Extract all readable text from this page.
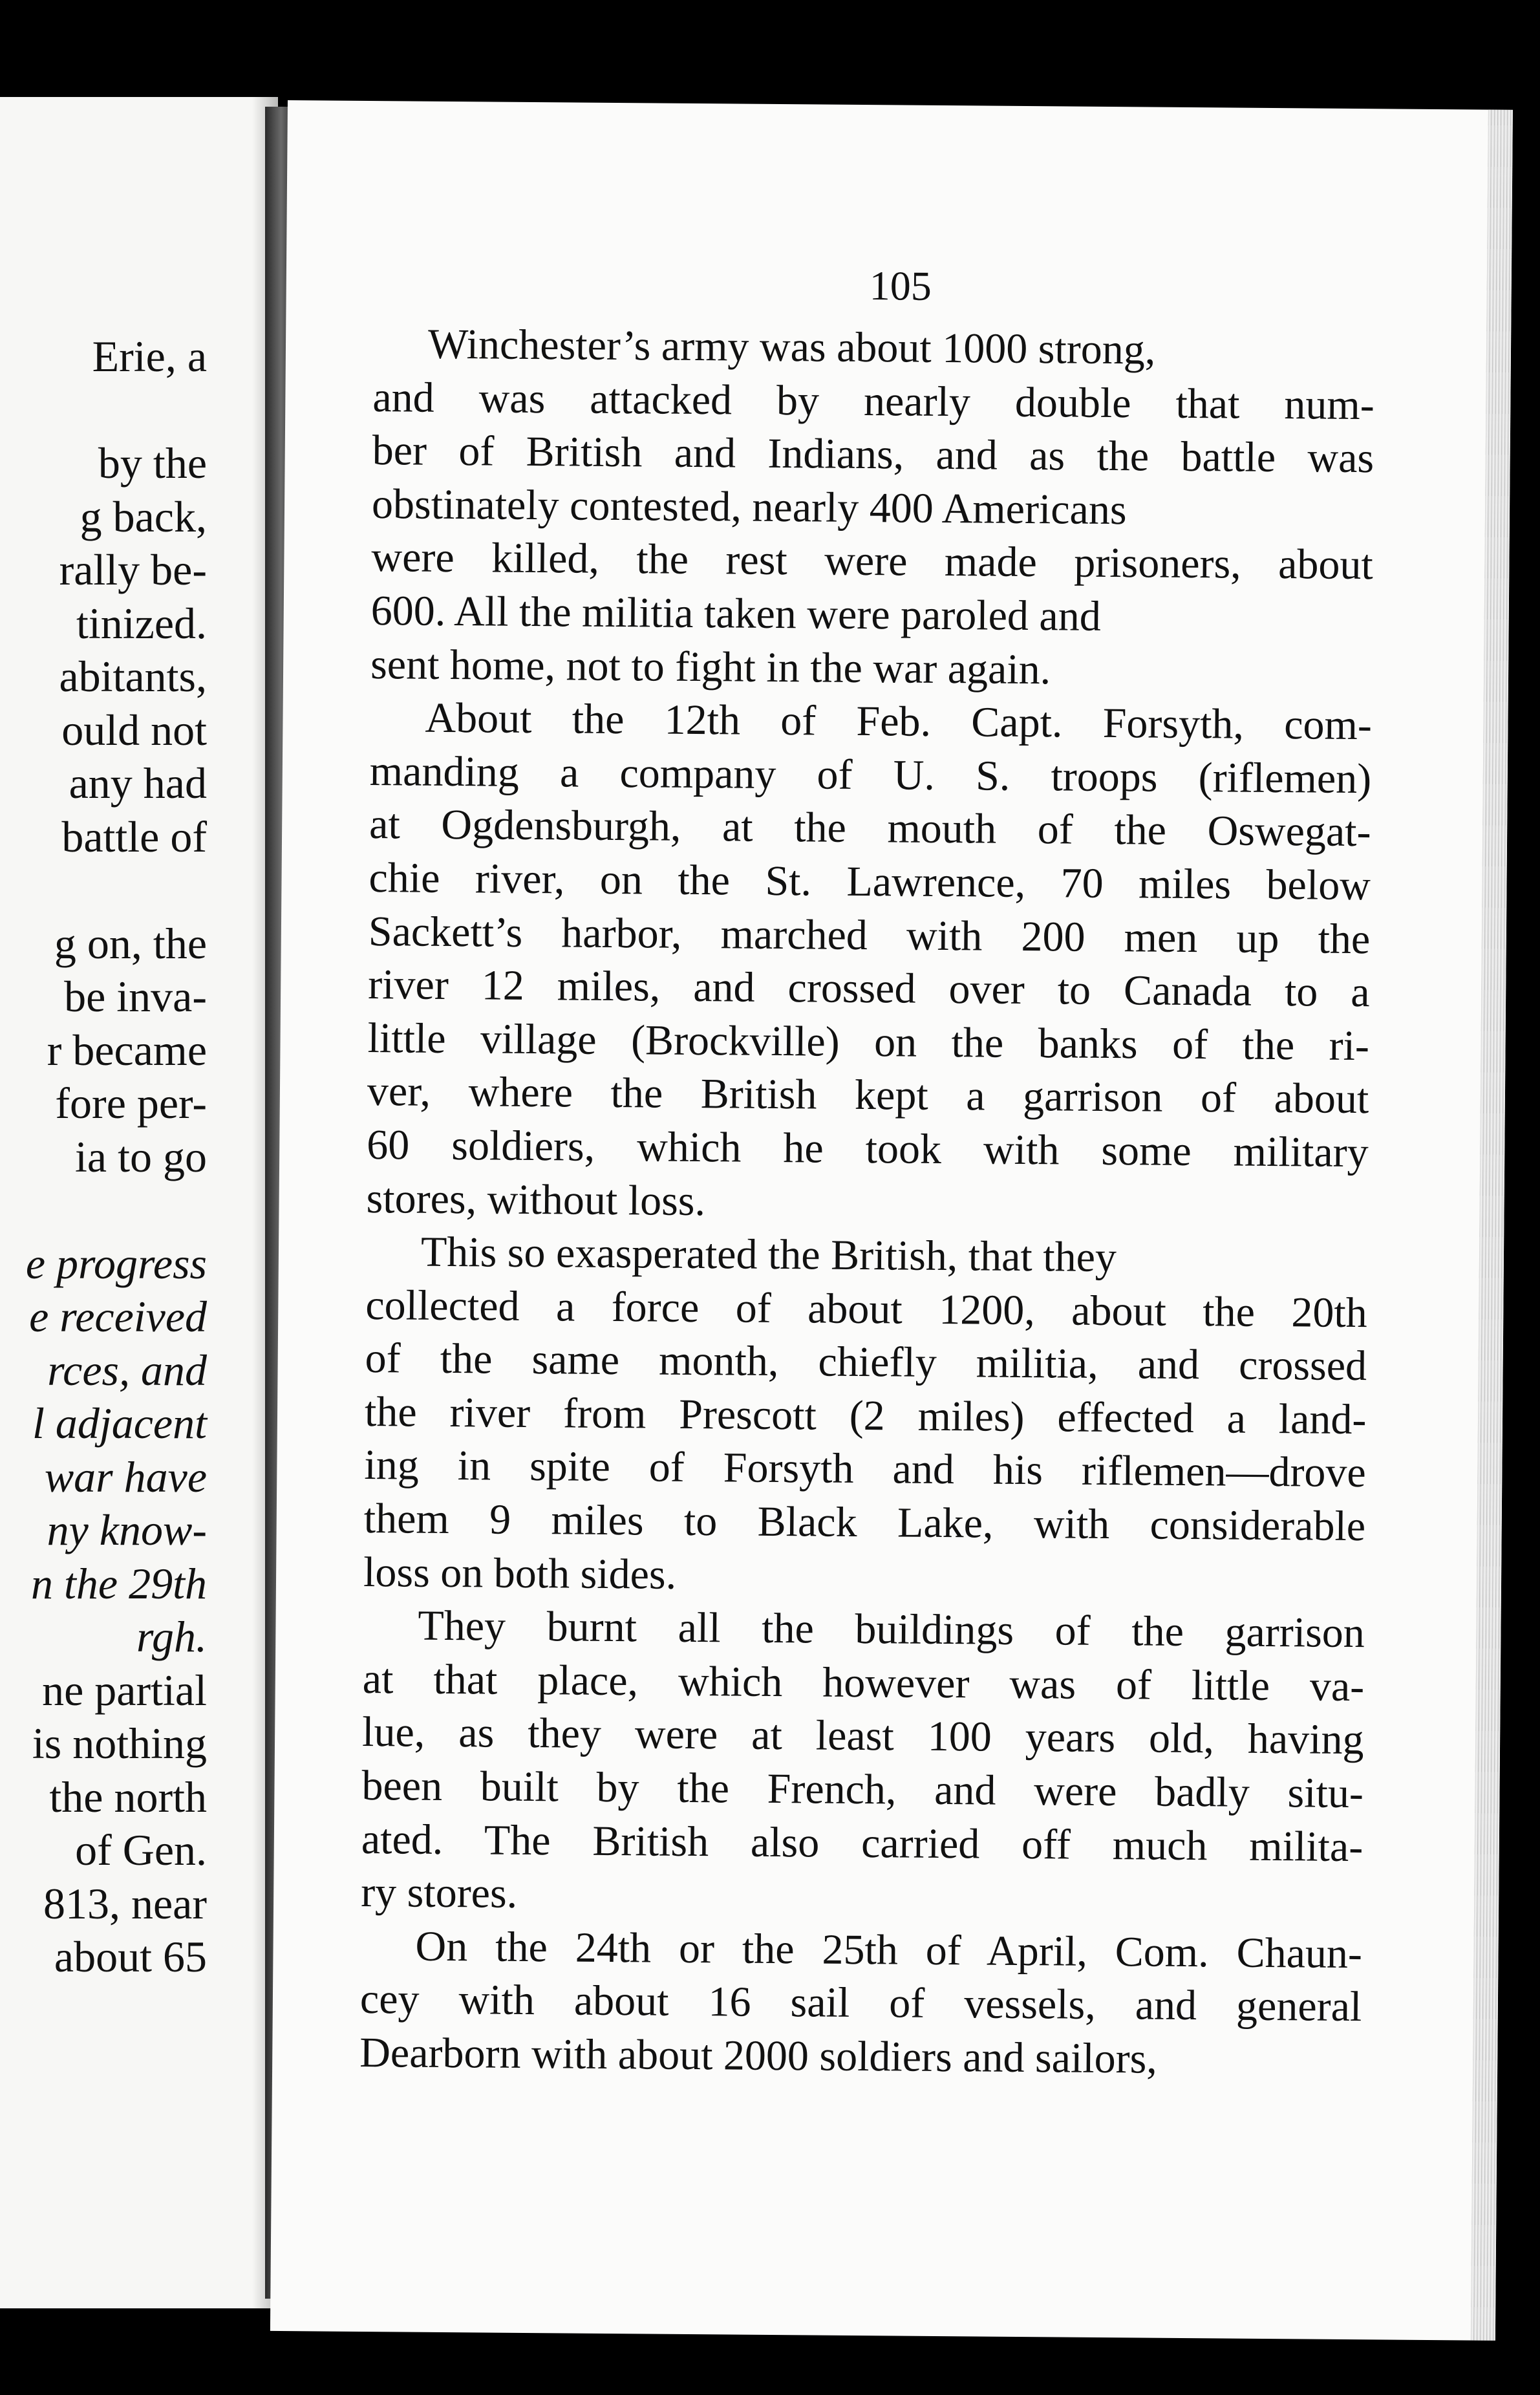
Erie, a
by the
g back,
rally be-
tinized.
abitants,
ould not
any had
battle of
g on, the
be inva-
r became
fore per-
ia to go
e progress
e received
rces, and
l adjacent
war have
ny know-
n the 29th
rgh.
ne partial
is nothing
the north
of Gen.
813, near
about 65
105
Winchester’s army was about 1000 strong,
and was attacked by nearly double that num-
ber of British and Indians, and as the battle was
obstinately contested, nearly 400 Americans
were killed, the rest were made prisoners, about
600. All the militia taken were paroled and
sent home, not to fight in the war again.
About the 12th of Feb. Capt. Forsyth, com-
manding a company of U. S. troops (riflemen)
at Ogdensburgh, at the mouth of the Oswegat-
chie river, on the St. Lawrence, 70 miles below
Sackett’s harbor, marched with 200 men up the
river 12 miles, and crossed over to Canada to a
little village (Brockville) on the banks of the ri-
ver, where the British kept a garrison of about
60 soldiers, which he took with some military
stores, without loss.
This so exasperated the British, that they
collected a force of about 1200, about the 20th
of the same month, chiefly militia, and crossed
the river from Prescott (2 miles) effected a land-
ing in spite of Forsyth and his riflemen—drove
them 9 miles to Black Lake, with considerable
loss on both sides.
They burnt all the buildings of the garrison
at that place, which however was of little va-
lue, as they were at least 100 years old, having
been built by the French, and were badly situ-
ated. The British also carried off much milita-
ry stores.
On the 24th or the 25th of April, Com. Chaun-
cey with about 16 sail of vessels, and general
Dearborn with about 2000 soldiers and sailors,
